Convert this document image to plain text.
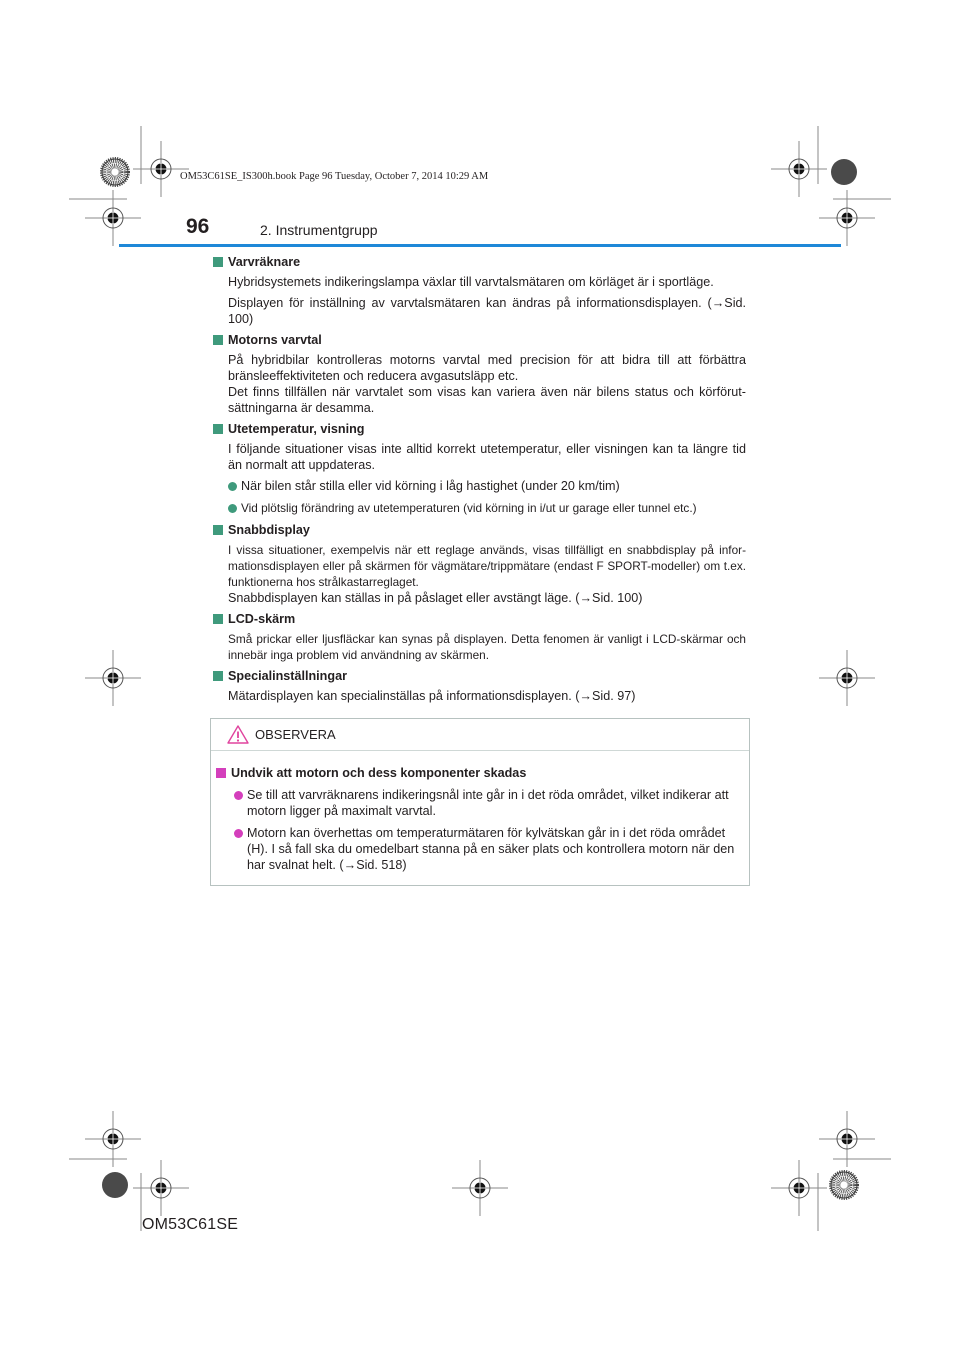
OM53C61SE_IS300h.book Page 96 Tuesday, October 7, 2014 10:29 AM
96	2. Instrumentgrupp
Varvräknare

Hybridsystemets indikeringslampa växlar till varvtalsmätaren om körläget är i sportläge.

Displayen för inställning av varvtalsmätaren kan ändras på informationsdisplayen. (→Sid. 100)

Motorns varvtal

På hybridbilar kontrolleras motorns varvtal med precision för att bidra till att förbättra bränsleeffektiviteten och reducera avgasutsläpp etc.

Det finns tillfällen när varvtalet som visas kan variera även när bilens status och körförut-sättningarna är desamma.

Utetemperatur, visning

I följande situationer visas inte alltid korrekt utetemperatur, eller visningen kan ta längre tid än normalt att uppdateras.

När bilen står stilla eller vid körning i låg hastighet (under 20 km/tim)
Vid plötslig förändring av utetemperaturen (vid körning in i/ut ur garage eller tunnel etc.)
Snabbdisplay

I vissa situationer, exempelvis när ett reglage används, visas tillfälligt en snabbdisplay på infor-mationsdisplayen eller på skärmen för vägmätare/trippmätare (endast F SPORT-modeller) om t.ex. funktionerna hos strålkastarreglaget.

Snabbdisplayen kan ställas in på påslaget eller avstängt läge. (→Sid. 100)

LCD-skärm

Små prickar eller ljusfläckar kan synas på displayen. Detta fenomen är vanligt i LCD-skärmar och innebär inga problem vid användning av skärmen.

Specialinställningar

Mätardisplayen kan specialinställas på informationsdisplayen. (→Sid. 97)

OBSERVERA
Undvik att motorn och dess komponenter skadas
Se till att varvräknarens indikeringsnål inte går in i det röda området, vilket indikerar att motorn ligger på maximalt varvtal.
Motorn kan överhettas om temperaturmätaren för kylvätskan går in i det röda området (H). I så fall ska du omedelbart stanna på en säker plats och kontrollera motorn när den har svalnat helt. (→Sid. 518)
OM53C61SE
